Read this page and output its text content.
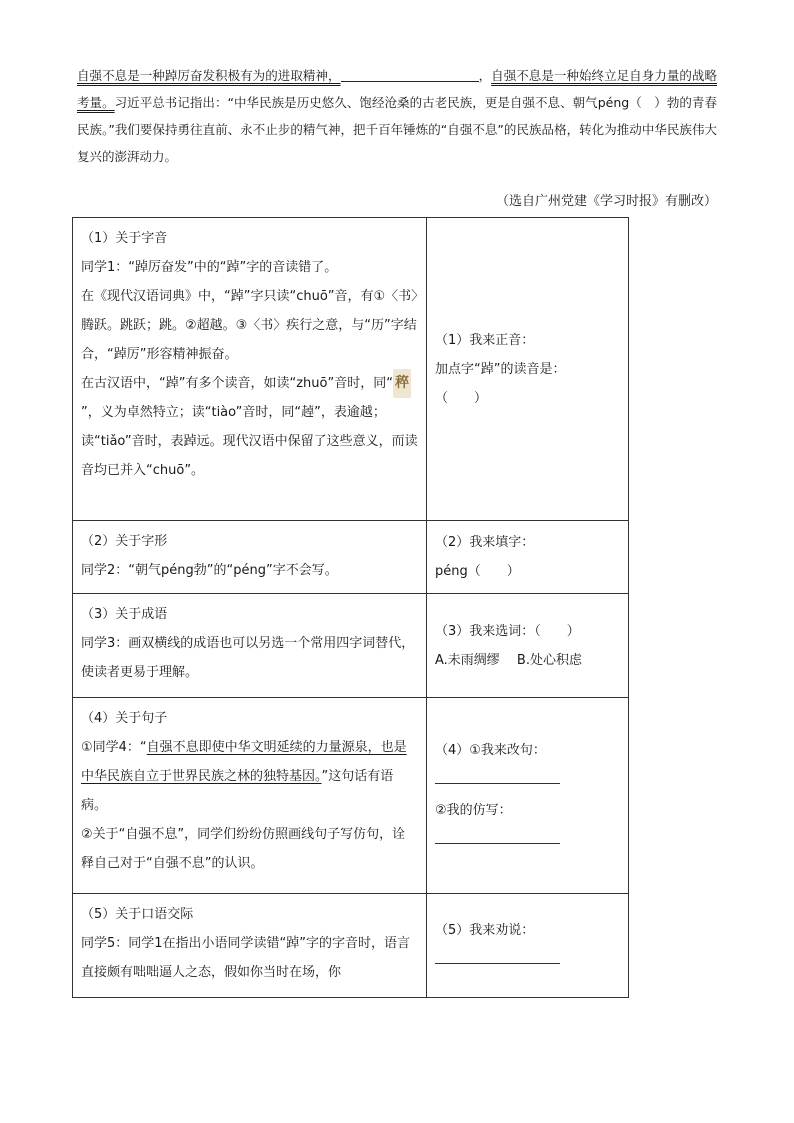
自强不息是一种踔厉奋发积极有为的进取精神，	，自强不息是一种始终立足自身力量的战略考量。习近平总书记指出：“中华民族是历史悠久、饱经沧桑的古老民族，更是自强不息、朝气péng（　）勃的青春民族。”我们要保持勇往直前、永不止步的精气神，把千百年锤炼的“自强不息”的民族品格，转化为推动中华民族伟大复兴的澎湃动力。
（选自广州党建《学习时报》有删改）
（1）关于字音
同学1：“踔厉奋发”中的“踔”字的音读错了。
在《现代汉语词典》中，“踔”字只读“chuō”音，有①〈书〉腾跃。跳跃；跳。②超越。③〈书〉疾行之意，与“历”字结合，“踔厉”形容精神振奋。
在古汉语中，“踔”有多个读音，如读“zhuō”音时，同“ 稡”，义为卓然特立；读“tiào”音时，同“趠”，表逾越；读“tiǎo”音时，表踔远。现代汉语中保留了这些意义，而读音均已并入“chuō”。	（1）我来正音：
加点字“踔”的读音是：
（　　）

（2）关于字形
同学2：“朝气péng勃”的“péng”字不会写。	（2）我来填字：
péng（　　）

（3）关于成语
同学3：画双横线的成语也可以另选一个常用四字词替代，使读者更易于理解。	（3）我来选词：（　　）
A.未雨绸缪　 B.处心积虑

（4）关于句子
①同学4：“自强不息即使中华文明延续的力量源泉，也是中华民族自立于世界民族之林的独特基因。”这句话有语病。
②关于“自强不息”，同学们纷纷仿照画线句子写仿句，诠释自己对于“自强不息”的认识。	（4）①我来改句：
②我的仿写：

（5）关于口语交际
同学5：同学1在指出小语同学读错“踔”字的字音时，语言直接颇有咄咄逼人之态，假如你当时在场，你	（5）我来劝说：
